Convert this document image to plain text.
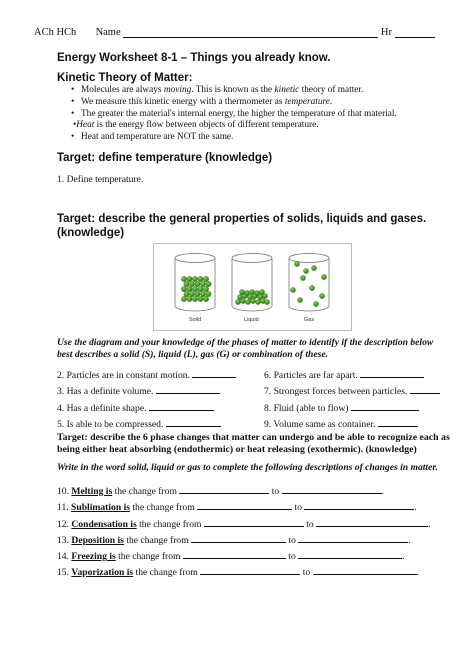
ACh HCh Name	Hr
Energy Worksheet 8-1 – Things you already know.

Kinetic Theory of Matter:

• Molecules are always moving. This is known as the kinetic theory of matter.
• We measure this kinetic energy with a thermometer as temperature.
• The greater the material's internal energy, the higher the temperature of that material.
•Heat is the energy flow between objects of different temperature.
• Heat and temperature are NOT the same.

Target: define temperature (knowledge)

1. Define temperature.

Target: describe the general properties of solids, liquids and gases.
(knowledge)

Solid	Liquid	Gas
Use the diagram and your knowledge of the phases of matter to identify if the description below best describes a solid (S), liquid (L), gas (G) or combination of these.
2. Particles are in constant motion.
3. Has a definite volume.
4. Has a definite shape.
5. Is able to be compressed.
6. Particles are far apart.
7. Strongest forces between particles.
8. Fluid (able to flow)
9. Volume same as container.
Target: describe the 6 phase changes that matter can undergo and be able to recognize each as being either heat absorbing (endothermic) or heat releasing (exothermic). (knowledge)
Write in the word solid, liquid or gas to complete the following descriptions of changes in matter.
10. Melting is the change from	to	.
11. Sublimation is the change from	to	.
12. Condensation is the change from	to	.
13. Deposition is the change from	to	.
14. Freezing is the change from	to	.
15. Vaporization is the change from	to	.
